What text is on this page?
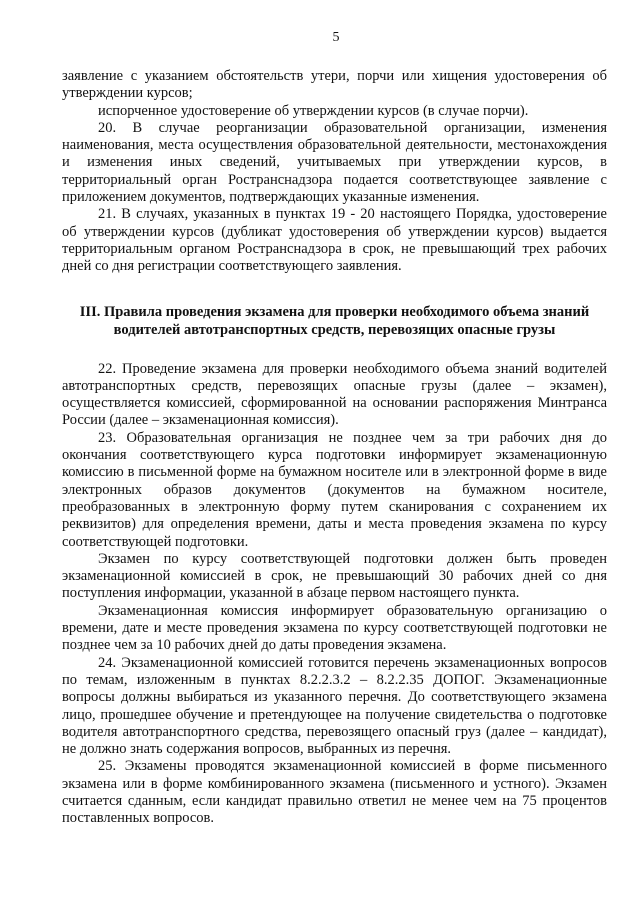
5

заявление с указанием обстоятельств утери, порчи или хищения удостоверения об утверждении курсов;

испорченное удостоверение об утверждении курсов (в случае порчи).

20. В случае реорганизации образовательной организации, изменения наименования, места осуществления образовательной деятельности, местонахождения и изменения иных сведений, учитываемых при утверждении курсов, в территориальный орган Ространснадзора подается соответствующее заявление с приложением документов, подтверждающих указанные изменения.

21. В случаях, указанных в пунктах 19 - 20 настоящего Порядка, удостоверение об утверждении курсов (дубликат удостоверения об утверждении курсов) выдается территориальным органом Ространснадзора в срок, не превышающий трех рабочих дней со дня регистрации соответствующего заявления.

III. Правила проведения экзамена для проверки необходимого объема знаний водителей автотранспортных средств, перевозящих опасные грузы

22. Проведение экзамена для проверки необходимого объема знаний водителей автотранспортных средств, перевозящих опасные грузы (далее – экзамен), осуществляется комиссией, сформированной на основании распоряжения Минтранса России (далее – экзаменационная комиссия).

23. Образовательная организация не позднее чем за три рабочих дня до окончания соответствующего курса подготовки информирует экзаменационную комиссию в письменной форме на бумажном носителе или в электронной форме в виде электронных образов документов (документов на бумажном носителе, преобразованных в электронную форму путем сканирования с сохранением их реквизитов) для определения времени, даты и места проведения экзамена по курсу соответствующей подготовки.

Экзамен по курсу соответствующей подготовки должен быть проведен экзаменационной комиссией в срок, не превышающий 30 рабочих дней со дня поступления информации, указанной в абзаце первом настоящего пункта.

Экзаменационная комиссия информирует образовательную организацию о времени, дате и месте проведения экзамена по курсу соответствующей подготовки не позднее чем за 10 рабочих дней до даты проведения экзамена.

24. Экзаменационной комиссией готовится перечень экзаменационных вопросов по темам, изложенным в пунктах 8.2.2.3.2 – 8.2.2.35 ДОПОГ. Экзаменационные вопросы должны выбираться из указанного перечня. До соответствующего экзамена лицо, прошедшее обучение и претендующее на получение свидетельства о подготовке водителя автотранспортного средства, перевозящего опасный груз (далее – кандидат), не должно знать содержания вопросов, выбранных из перечня.

25. Экзамены проводятся экзаменационной комиссией в форме письменного экзамена или в форме комбинированного экзамена (письменного и устного). Экзамен считается сданным, если кандидат правильно ответил не менее чем на 75 процентов поставленных вопросов.
